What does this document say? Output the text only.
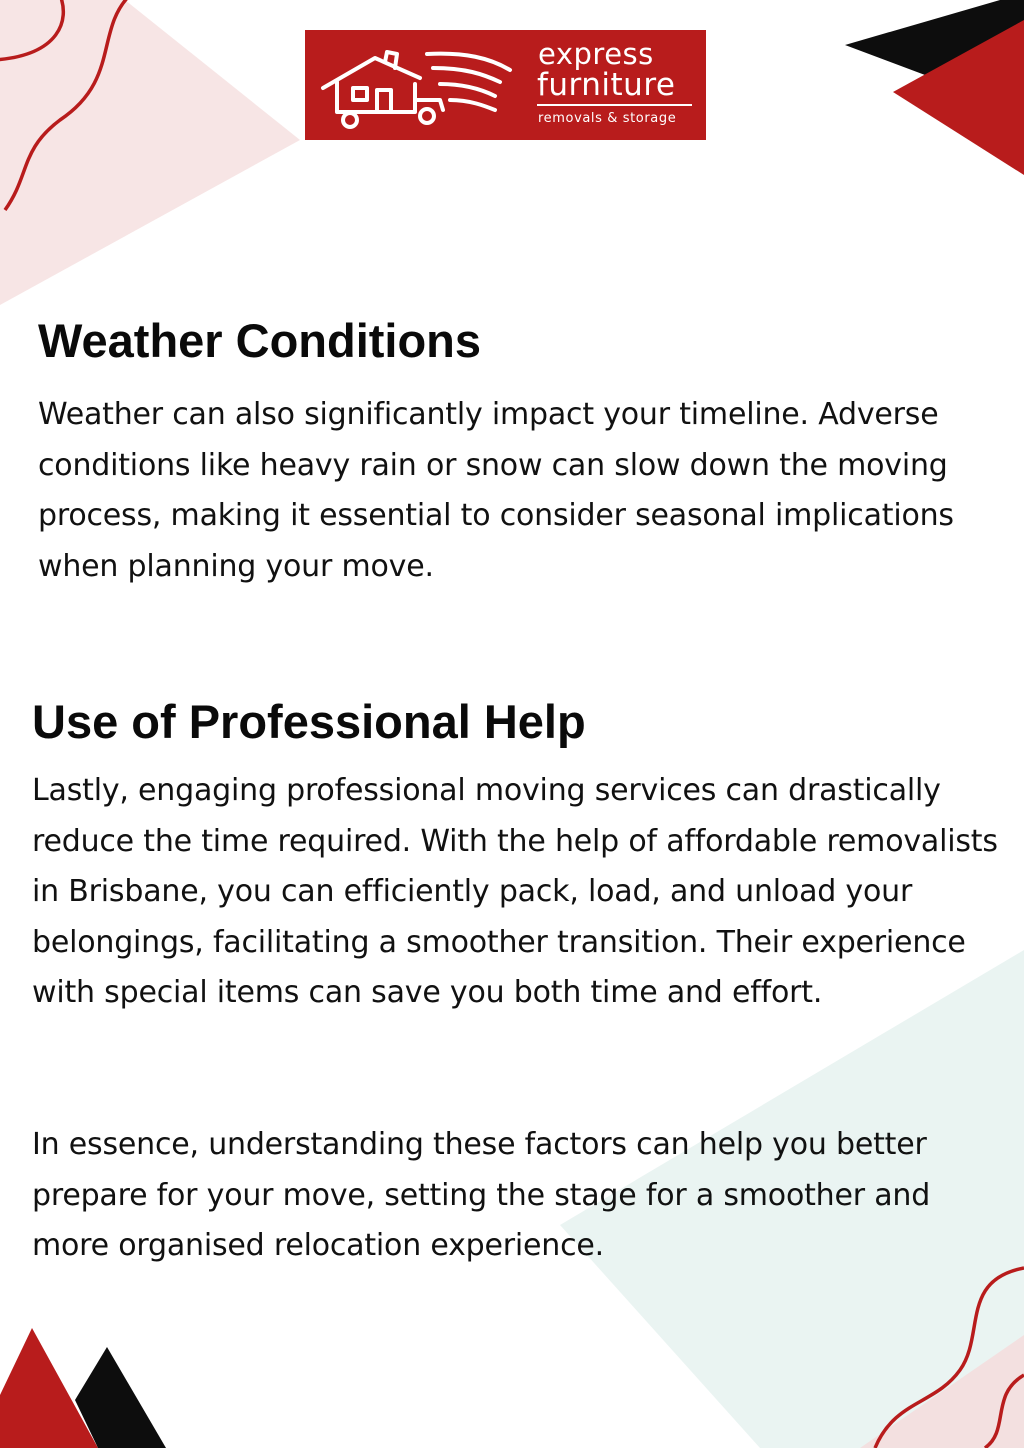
express
furniture
removals & storage
Weather Conditions

Weather can also significantly impact your timeline. Adverse conditions like heavy rain or snow can slow down the moving process, making it essential to consider seasonal implications when planning your move.

Use of Professional Help

Lastly, engaging professional moving services can drastically reduce the time required. With the help of affordable removalists in Brisbane, you can efficiently pack, load, and unload your belongings, facilitating a smoother transition. Their experience with special items can save you both time and effort.

In essence, understanding these factors can help you better prepare for your move, setting the stage for a smoother and more organised relocation experience.
